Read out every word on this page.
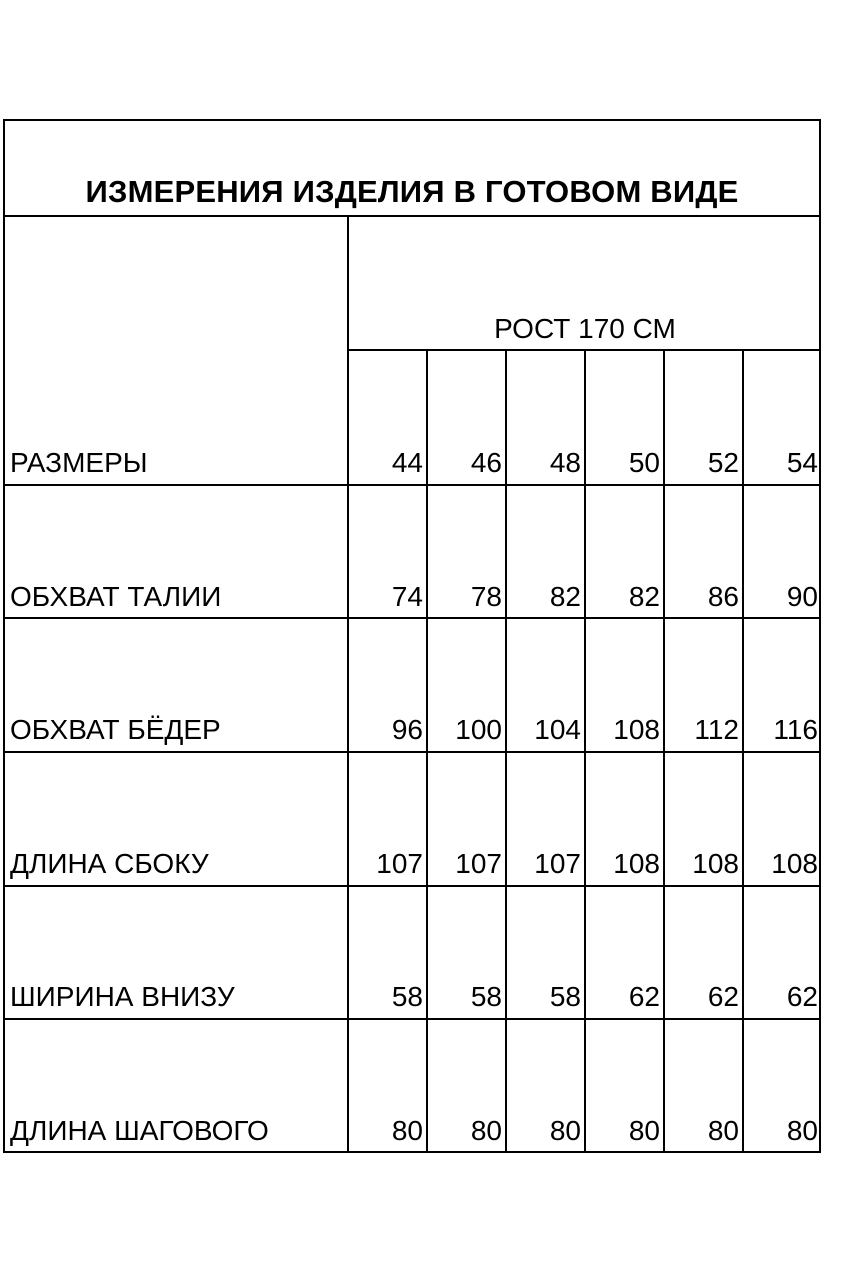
ИЗМЕРЕНИЯ ИЗДЕЛИЯ В ГОТОВОМ ВИДЕ
РОСТ 170 СМ
РАЗМЕРЫ	44	46	48	50	52	54
ОБХВАТ ТАЛИИ	74	78	82	82	86	90
ОБХВАТ БЁДЕР	96	100	104	108	112	116
ДЛИНА СБОКУ	107	107	107	108	108	108
ШИРИНА ВНИЗУ	58	58	58	62	62	62
ДЛИНА ШАГОВОГО	80	80	80	80	80	80
